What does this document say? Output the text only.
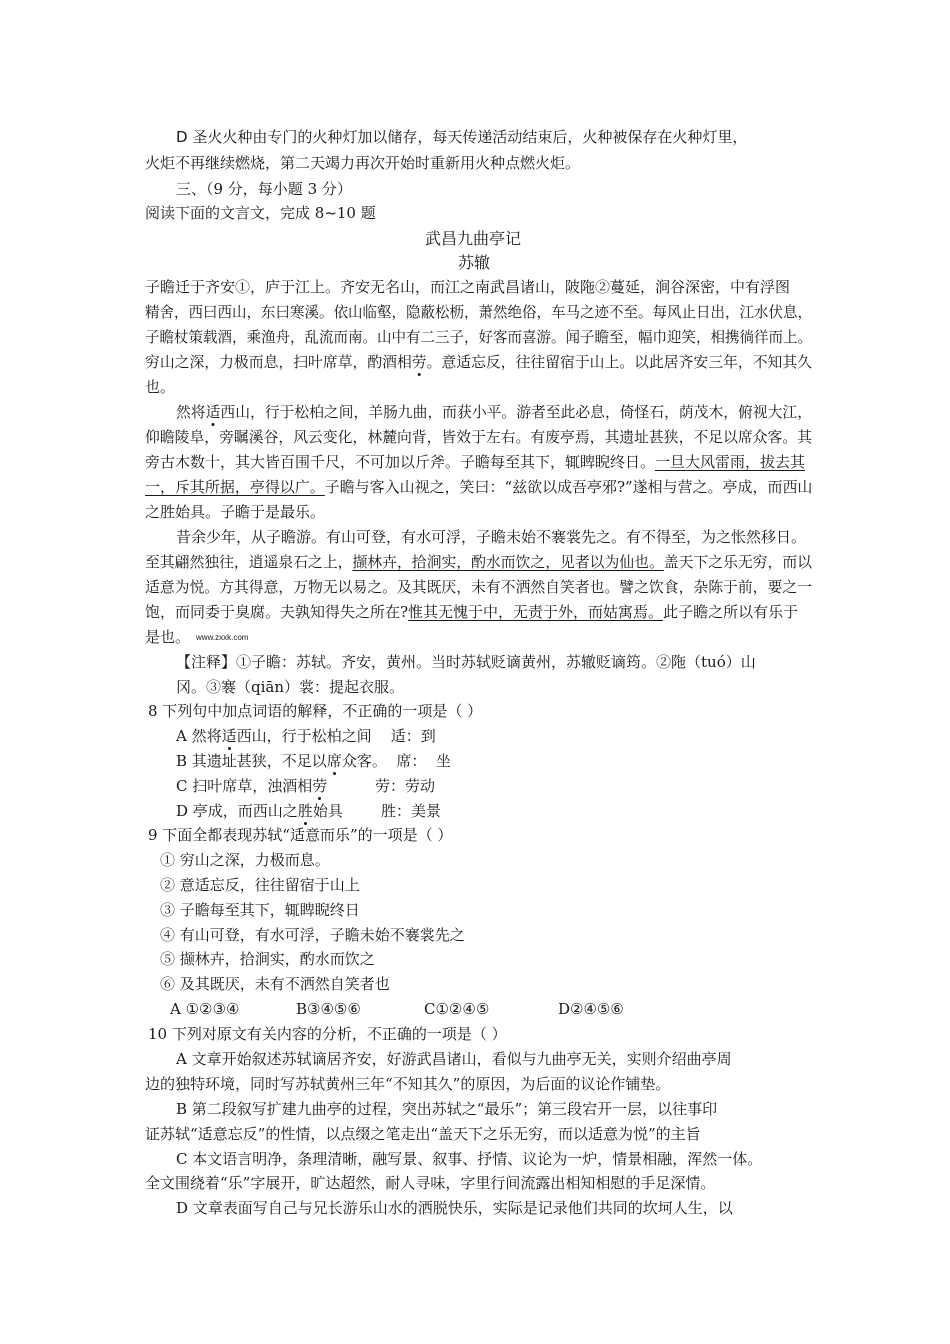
D 圣火火种由专门的火种灯加以储存，每天传递活动结束后，火种被保存在火种灯里，
火炬不再继续燃烧，第二天竭力再次开始时重新用火种点燃火炬。
三、（9 分，每小题 3 分）
阅读下面的文言文，完成 8~10 题
武昌九曲亭记
苏辙
子瞻迁于齐安①，庐于江上。齐安无名山，而江之南武昌诸山，陂陁②蔓延，涧谷深密，中有浮图
精舍，西曰西山，东曰寒溪。依山临壑，隐蔽松枥，萧然绝俗，车马之迹不至。每风止日出，江水伏息，
子瞻杖策载酒，乘渔舟，乱流而南。山中有二三子，好客而喜游。闻子瞻至，幅巾迎笑，相携徜徉而上。
穷山之深，力极而息，扫叶席草，酌酒相劳。意适忘反，往往留宿于山上。以此居齐安三年，不知其久
也。
然将适西山，行于松柏之间，羊肠九曲，而获小平。游者至此必息，倚怪石，荫茂木，俯视大江，
仰瞻陵阜，旁瞩溪谷，风云变化，林麓向背，皆效于左右。有废亭焉，其遗址甚狭，不足以席众客。其
旁古木数十，其大皆百围千尺，不可加以斤斧。子瞻每至其下，辄睥睨终日。一旦大风雷雨，拔去其
一，斥其所据，亭得以广。子瞻与客入山视之，笑曰：“兹欲以成吾亭邪?”遂相与营之。亭成，而西山
之胜始具。子瞻于是最乐。
昔余少年，从子瞻游。有山可登，有水可浮，子瞻未始不褰裳先之。有不得至，为之怅然移日。
至其翩然独往，逍遥泉石之上，撷林卉，拾涧实，酌水而饮之，见者以为仙也。盖天下之乐无穷，而以
适意为悦。方其得意，万物无以易之。及其既厌，未有不洒然自笑者也。譬之饮食，杂陈于前，要之一
饱，而同委于臭腐。夫孰知得失之所在?惟其无愧于中，无责于外，而姑寓焉。此子瞻之所以有乐于
是也。 www.zxxk.com
【注释】①子瞻：苏轼。齐安，黄州。当时苏轼贬谪黄州，苏辙贬谪筠。②陁（tuó）山
冈。③褰（qiān）裳：提起衣服。
8 下列句中加点词语的解释，不正确的一项是（ ）
A 然将适西山，行于松柏之间    适：到
B 其遗址甚狭，不足以席众客。  席：  坐
C 扫叶席草，浊酒相劳          劳：劳动
D 亭成，而西山之胜始具        胜：美景
9 下面全都表现苏轼“适意而乐”的一项是（ ）
① 穷山之深，力极而息。
② 意适忘反，往往留宿于山上
③ 子瞻每至其下，辄睥睨终日
④ 有山可登，有水可浮，子瞻未始不褰裳先之
⑤ 撷林卉，拾涧实，酌水而饮之
⑥ 及其既厌，未有不洒然自笑者也
A ①②③④	B③④⑤⑥	C①②④⑤	D②④⑤⑥
10 下列对原文有关内容的分析，不正确的一项是（ ）
A 文章开始叙述苏轼谪居齐安，好游武昌诸山，看似与九曲亭无关，实则介绍曲亭周
边的独特环境，同时写苏轼黄州三年“不知其久”的原因，为后面的议论作铺垫。
B 第二段叙写扩建九曲亭的过程，突出苏轼之“最乐”；第三段宕开一层，以往事印
证苏轼“适意忘反”的性情，以点缀之笔走出“盖天下之乐无穷，而以适意为悦”的主旨
C 本文语言明净，条理清晰，融写景、叙事、抒情、议论为一炉，情景相融，浑然一体。
全文围绕着“乐”字展开，旷达超然，耐人寻味，字里行间流露出相知相慰的手足深情。
D 文章表面写自己与兄长游乐山水的洒脱快乐，实际是记录他们共同的坎坷人生，以
